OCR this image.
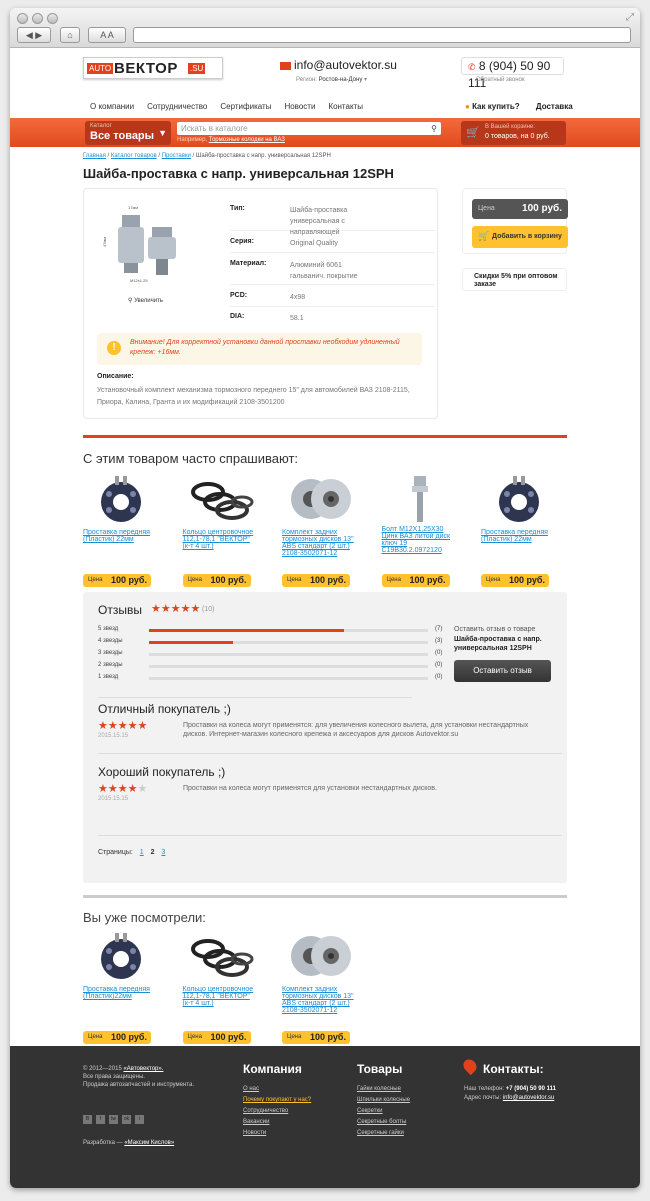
◀ ▶	⌂	A A
⤢
AUTO ВЕКТОР .SU	info@autovektor.su
Регион: Ростов-на-Дону ▾
✆ 8 (904) 50 90 111
Обратный звонок
О компании Сотрудничество Сертификаты Новости Контакты	● Как купить? Доставка
Каталог
Все товары ▼	Искать в каталоге	⚲
Например, Тормозные колодки на ВАЗ
🛒 В Вашей корзине:
0 товаров, на 0 руб.
Главная / Каталог товаров / Проставки / Шайба-проставка с напр. универсальная 12SPH
Шайба-проставка с напр. универсальная 12SPH
17мм
47мм
M12x1.25
⚲ Увеличить
Тип:	Шайба-проставка универсальная с направляющей
Серия:	Original Quality
Материал:	Алюминий 6061 гальванич. покрытие
PCD:	4x98
DIA:	58.1
!	Внимание! Для корректной установки данной проставки необходим удлиненный крепеж: +16мм.
Описание:
Установочный комплект механизма тормозного переднего 15" для автомобилей ВАЗ 2108-2115, Приора, Калина, Гранта и их модификаций 2108-3501200
Цена	100 руб.
🛒 Добавить в корзину
Скидки 5% при оптовом заказе
С этим товаром часто спрашивают:
Проставка передняя (Пластик) 22мм
Цена 100 руб.
Кольцо центровочное 112,1-78,1 "ВЕКТОР" (к-т 4 шт.)
Цена 100 руб.
Комплект задних тормозных дисков 13" ABS стандарт (2 шт.) 2108-3502071-12
Цена 100 руб.
Болт М12Х1,25Х30 Цинк ВАЗ литой диск ключ 19 С19В30.2.0972120
Цена 100 руб.
Проставка передняя (Пластик) 22мм
Цена 100 руб.
Отзывы ★★★★★ (10)
5 звезд	(7)
4 звезды	(3)
3 звезды	(0)
2 звезды	(0)
1 звезд	(0)
Оставить отзыв о товаре
Шайба-проставка с напр. универсальная 12SPH
Оставить отзыв
Отличный покупатель ;)
★★★★★
2015.15.15
Проставки на колеса могут применятся: для увеличения колесного вылета, для установки нестандартных дисков. Интернет-магазин колесного крепежа и аксесуаров для дисков Autovektor.su
Хороший покупатель ;)
★★★★★
2015.15.15
Проставки на колеса могут применятся для установки нестандартных дисков.
Страницы: 1 2 3
Вы уже посмотрели:
Проставка передняя (Пластик)22мм
Цена 100 руб.
Кольцо центровочное 112,1-78,1 "ВЕКТОР" (к-т 4 шт.)
Цена 100 руб.
Комплект задних тормозных дисков 13" ABS стандарт (2 шт.) 2108-3502071-12
Цена 100 руб.
© 2012—2015 «Автовектор».
Все права защищены.
Продажа автозапчастей и инструмента.
В f tw ok i
Разработка — «Максим Кислов»
Компания
О нас
Почему покупают у нас?
Сотрудничество
Вакансии
Новости
Товары
Гайки колесные
Шпильки колесные
Секретки
Секретные болты
Секретные гайки
Контакты:
Наш телефон: +7 (904) 50 90 111
Адрес почты: info@autovektor.su
